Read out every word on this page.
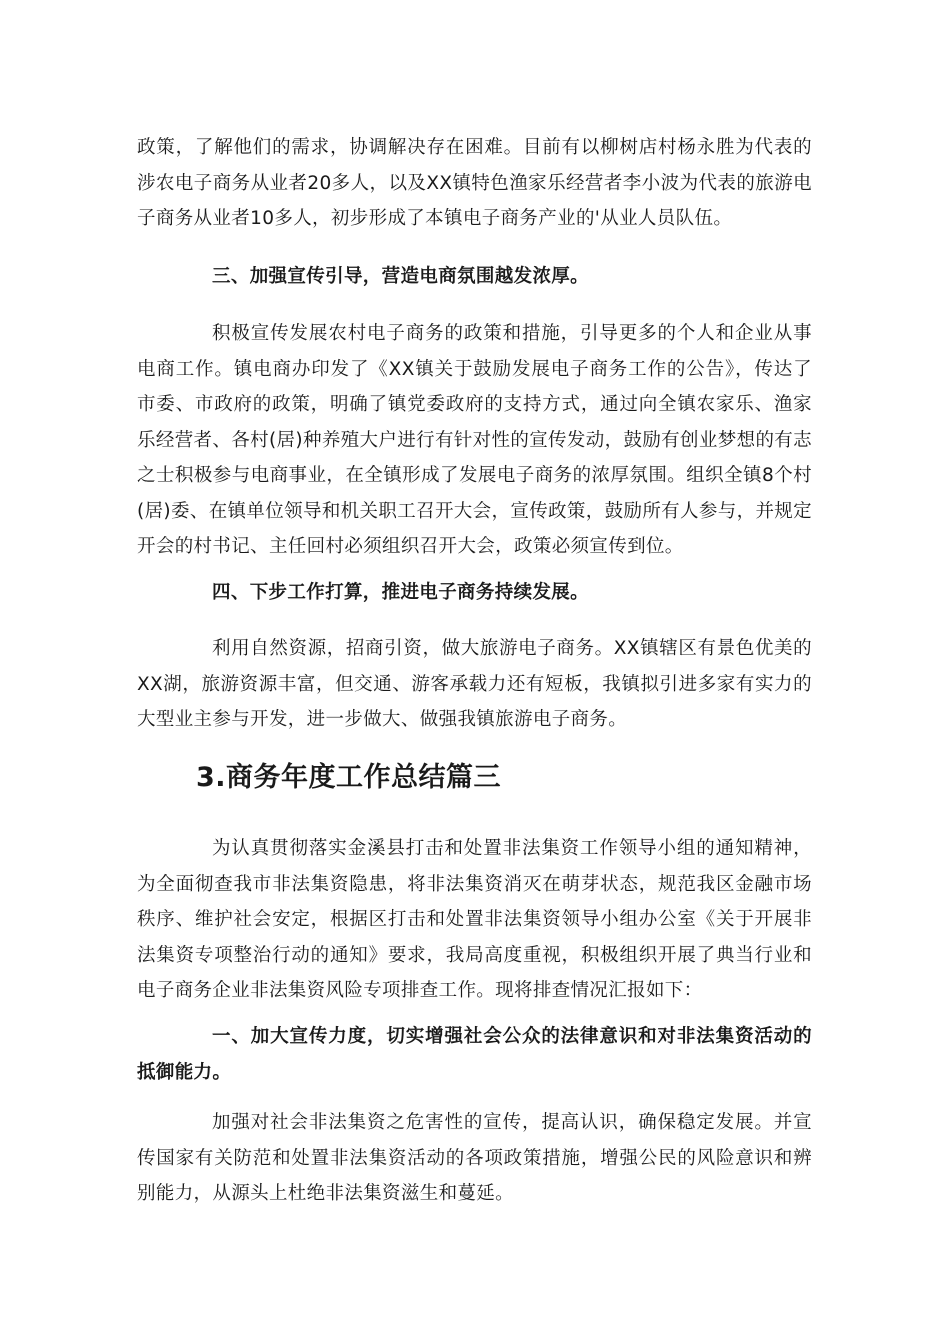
政策，了解他们的需求，协调解决存在困难。目前有以柳树店村杨永胜为代表的涉农电子商务从业者20多人，以及XX镇特色渔家乐经营者李小波为代表的旅游电子商务从业者10多人，初步形成了本镇电子商务产业的'从业人员队伍。

三、加强宣传引导，营造电商氛围越发浓厚。

积极宣传发展农村电子商务的政策和措施，引导更多的个人和企业从事电商工作。镇电商办印发了《XX镇关于鼓励发展电子商务工作的公告》，传达了市委、市政府的政策，明确了镇党委政府的支持方式，通过向全镇农家乐、渔家乐经营者、各村(居)种养殖大户进行有针对性的宣传发动，鼓励有创业梦想的有志之士积极参与电商事业，在全镇形成了发展电子商务的浓厚氛围。组织全镇8个村(居)委、在镇单位领导和机关职工召开大会，宣传政策，鼓励所有人参与，并规定开会的村书记、主任回村必须组织召开大会，政策必须宣传到位。

四、下步工作打算，推进电子商务持续发展。

利用自然资源，招商引资，做大旅游电子商务。XX镇辖区有景色优美的XX湖，旅游资源丰富，但交通、游客承载力还有短板，我镇拟引进多家有实力的大型业主参与开发，进一步做大、做强我镇旅游电子商务。

3.商务年度工作总结篇三

为认真贯彻落实金溪县打击和处置非法集资工作领导小组的通知精神，为全面彻查我市非法集资隐患，将非法集资消灭在萌芽状态，规范我区金融市场秩序、维护社会安定，根据区打击和处置非法集资领导小组办公室《关于开展非法集资专项整治行动的通知》要求，我局高度重视，积极组织开展了典当行业和电子商务企业非法集资风险专项排查工作。现将排查情况汇报如下：

一、加大宣传力度，切实增强社会公众的法律意识和对非法集资活动的抵御能力。

加强对社会非法集资之危害性的宣传，提高认识，确保稳定发展。并宣传国家有关防范和处置非法集资活动的各项政策措施，增强公民的风险意识和辨别能力，从源头上杜绝非法集资滋生和蔓延。
